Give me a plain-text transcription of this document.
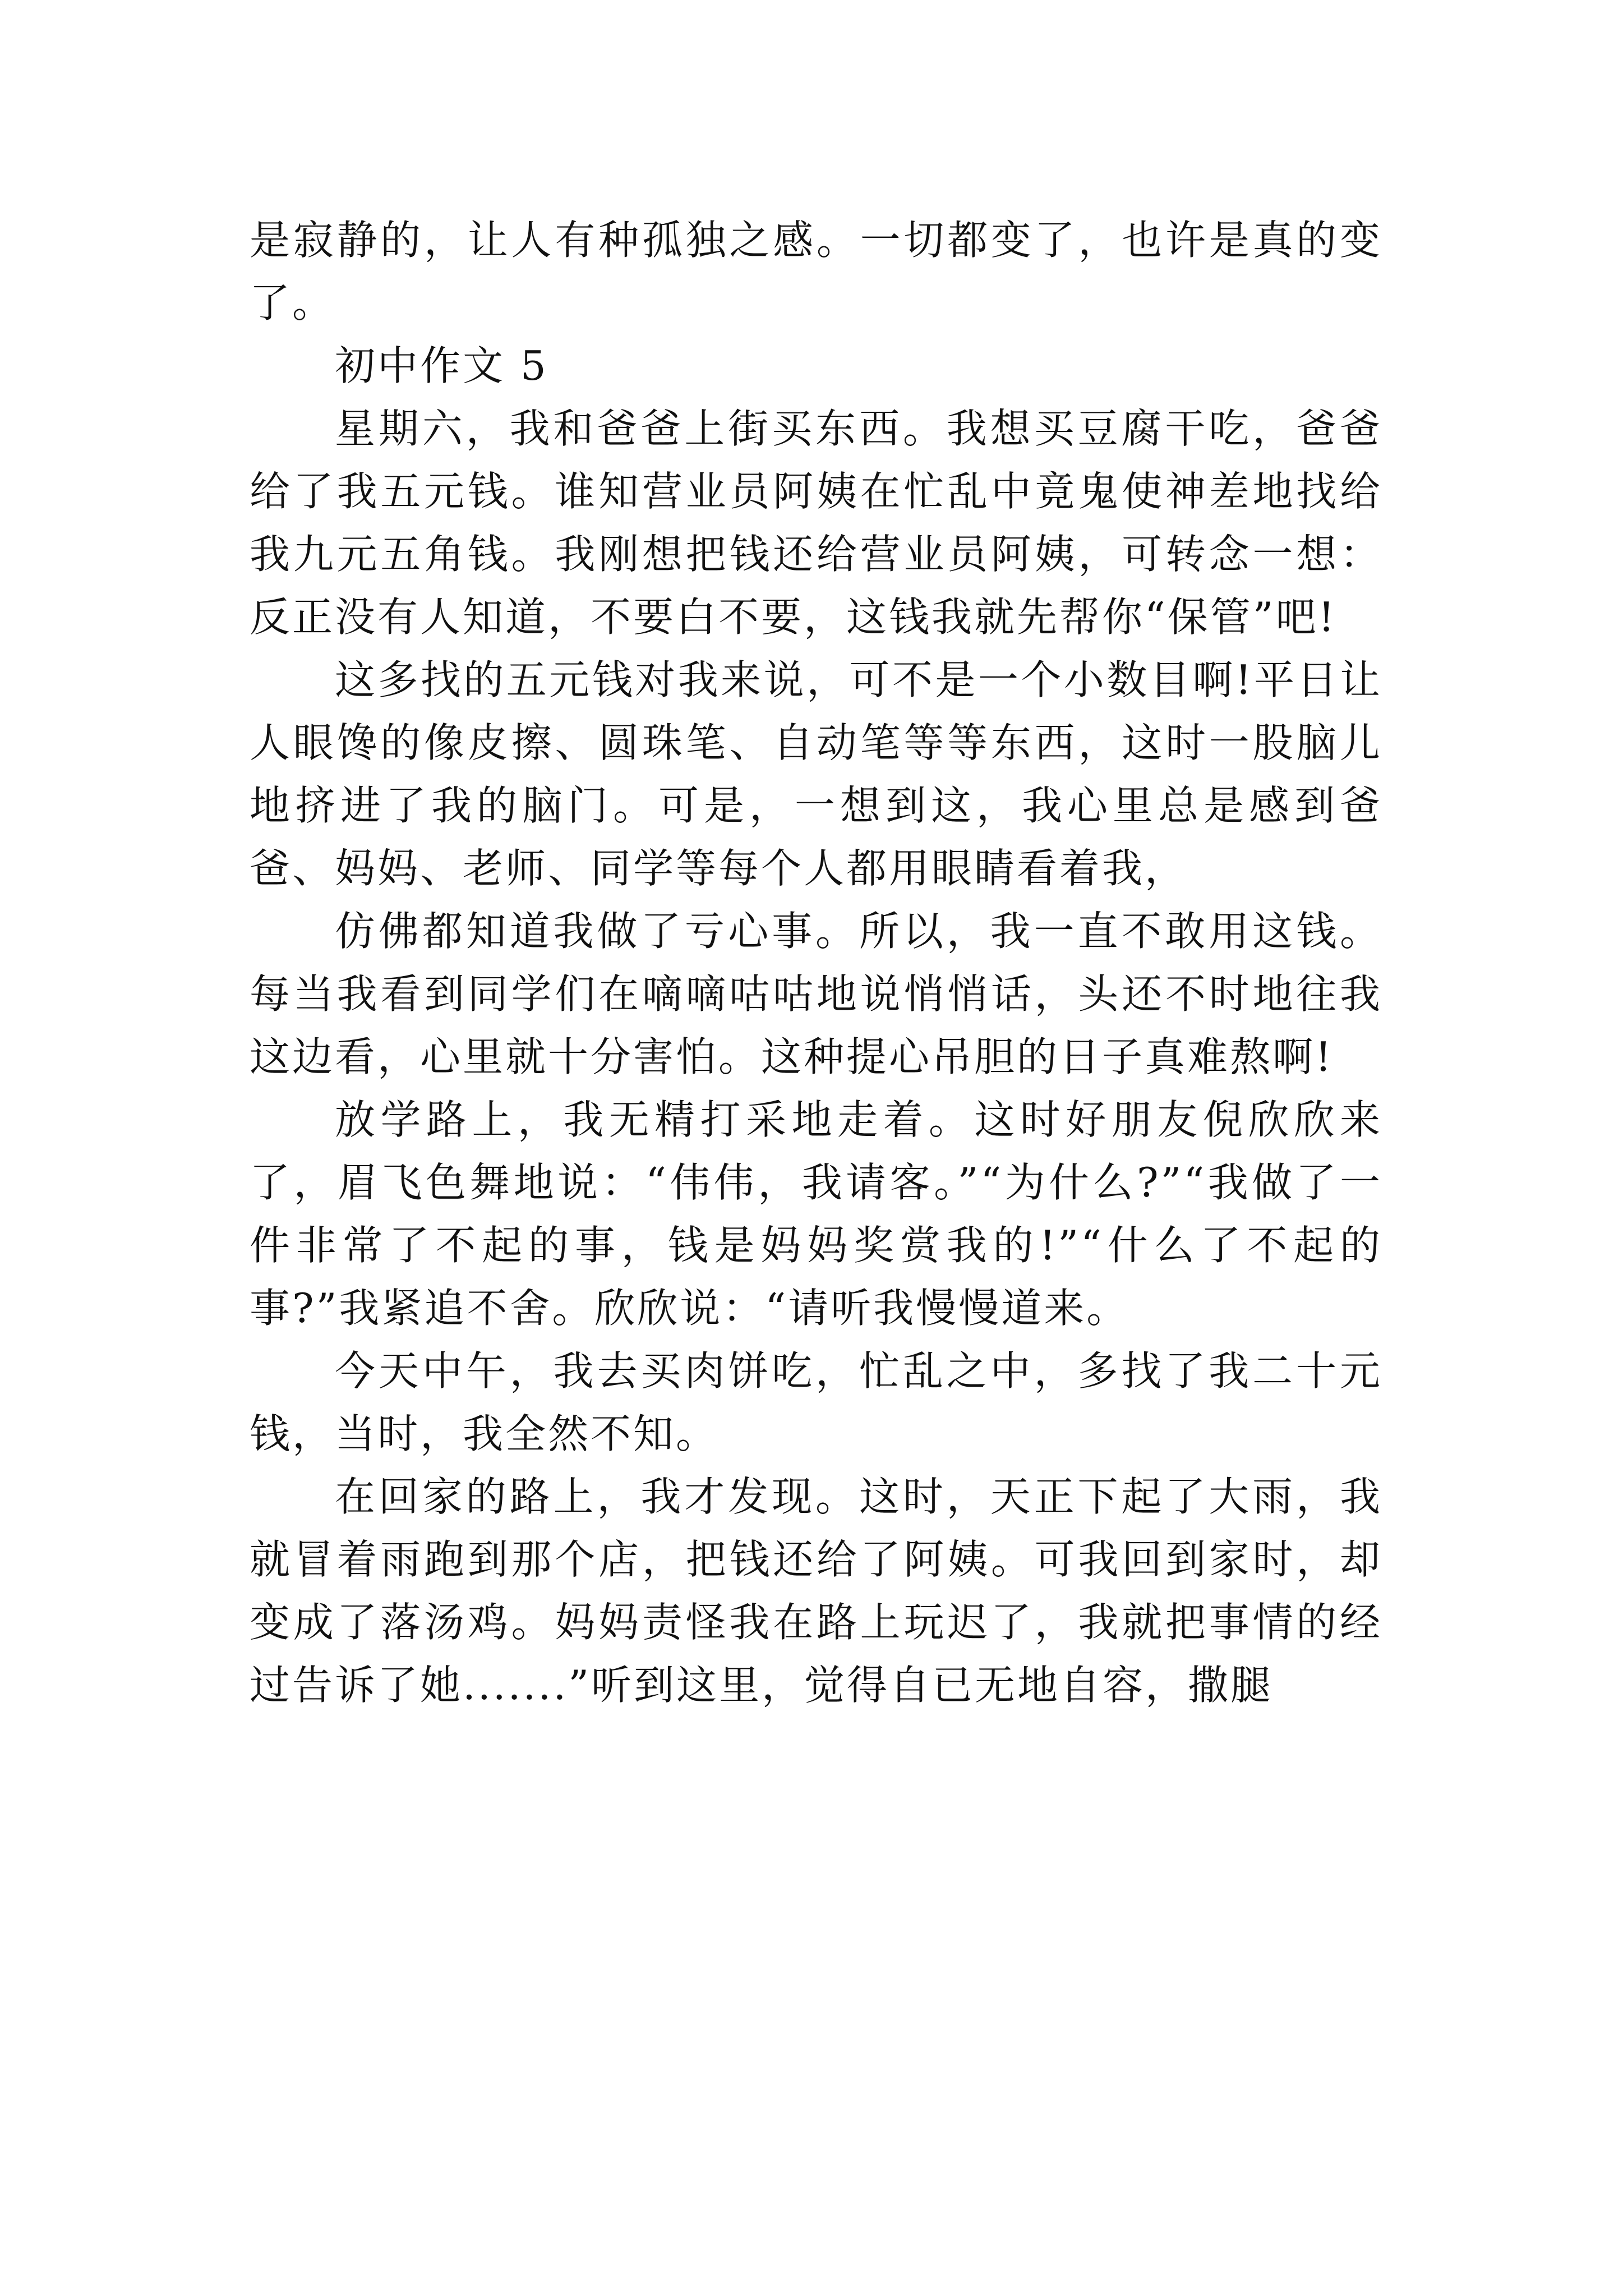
是寂静的，让人有种孤独之感。一切都变了，也许是真的变了。

初中作文 5

星期六，我和爸爸上街买东西。我想买豆腐干吃，爸爸给了我五元钱。谁知营业员阿姨在忙乱中竟鬼使神差地找给我九元五角钱。我刚想把钱还给营业员阿姨，可转念一想：反正没有人知道，不要白不要，这钱我就先帮你“保管”吧!

这多找的五元钱对我来说，可不是一个小数目啊!平日让人眼馋的像皮擦、圆珠笔、自动笔等等东西，这时一股脑儿地挤进了我的脑门。可是，一想到这，我心里总是感到爸爸、妈妈、老师、同学等每个人都用眼睛看着我，

仿佛都知道我做了亏心事。所以，我一直不敢用这钱。每当我看到同学们在嘀嘀咕咕地说悄悄话，头还不时地往我这边看，心里就十分害怕。这种提心吊胆的日子真难熬啊!

放学路上，我无精打采地走着。这时好朋友倪欣欣来了，眉飞色舞地说：“伟伟，我请客。”“为什么?”“我做了一件非常了不起的事，钱是妈妈奖赏我的!”“什么了不起的事?”我紧追不舍。欣欣说：“请听我慢慢道来。

今天中午，我去买肉饼吃，忙乱之中，多找了我二十元钱，当时，我全然不知。

在回家的路上，我才发现。这时，天正下起了大雨，我就冒着雨跑到那个店，把钱还给了阿姨。可我回到家时，却变成了落汤鸡。妈妈责怪我在路上玩迟了，我就把事情的经过告诉了她.......”听到这里，觉得自已无地自容，撒腿
